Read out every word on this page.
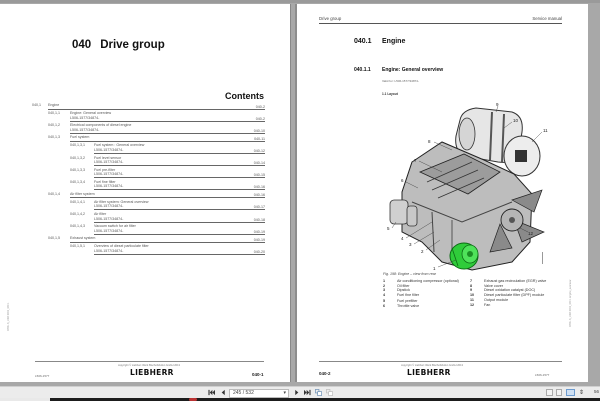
040 Drive group
Contents
040,1 Engine	040-2
040,1,1	Engine: General overview
L506-1577/34874-	040-2
040,1,2	Electrical components of diesel engine
L506-1577/34874-	040-10
040,1,3	Fuel system	040-11
040,1,3,1	Fuel system : General overview
L506-1577/34874-	040-12
040,1,3,2	Fuel level sensor
L506-1577/34874-	040-14
040,1,3,3	Fuel pre-filter
L506-1577/34874-	040-15
040,1,3,4	Fuel fine filter
L506-1577/34874-	040-16
040,1,4	Air filter system	040-16
040,1,4,1	Air filter system: General overview
L506-1577/34874-	040-17
040,1,4,2	Air filter
L506-1577/34874-	040-18
040,1,4,3	Vacuum switch for air filter
L506-1577/34874-	040-19
040,1,5	Exhaust system	040-19
040,1,5,1	Overview of diesel particulate filter
L506-1577/34874-	040-20
MBSL 6_1004 0042_040 1
L506-1577
copyright © Liebherr-Werk Bischofshofen GmbH 2013
LIEBHERR	040-1
Drive group	Service manual
040.1 Engine
040.1.1 Engine: General overview
Valid for: L506-1577/34874-
1.1 Layout
9
10
11
8
7
6
5
4
3
2
1
12
Fig. 198: Engine – view from rear
1	Air conditioning compressor (optional)
2	Oil filter
3	Dipstick
4	Fuel fine filter
5	Fuel prefilter
6	Throttle valve
7	Exhaust gas recirculation (EGR) valve
8	Valve cover
9	Diesel oxidation catalyst (DOC)
10	Diesel particulate filter (DPF) module
11	Output module
12	Fan	MBSL 6_1004 0042_040 1 Engine_overview
040-2
copyright © Liebherr-Werk Bischofshofen GmbH 2013
LIEBHERR	L506-1577
245 / 532	▾	⇕ 56
